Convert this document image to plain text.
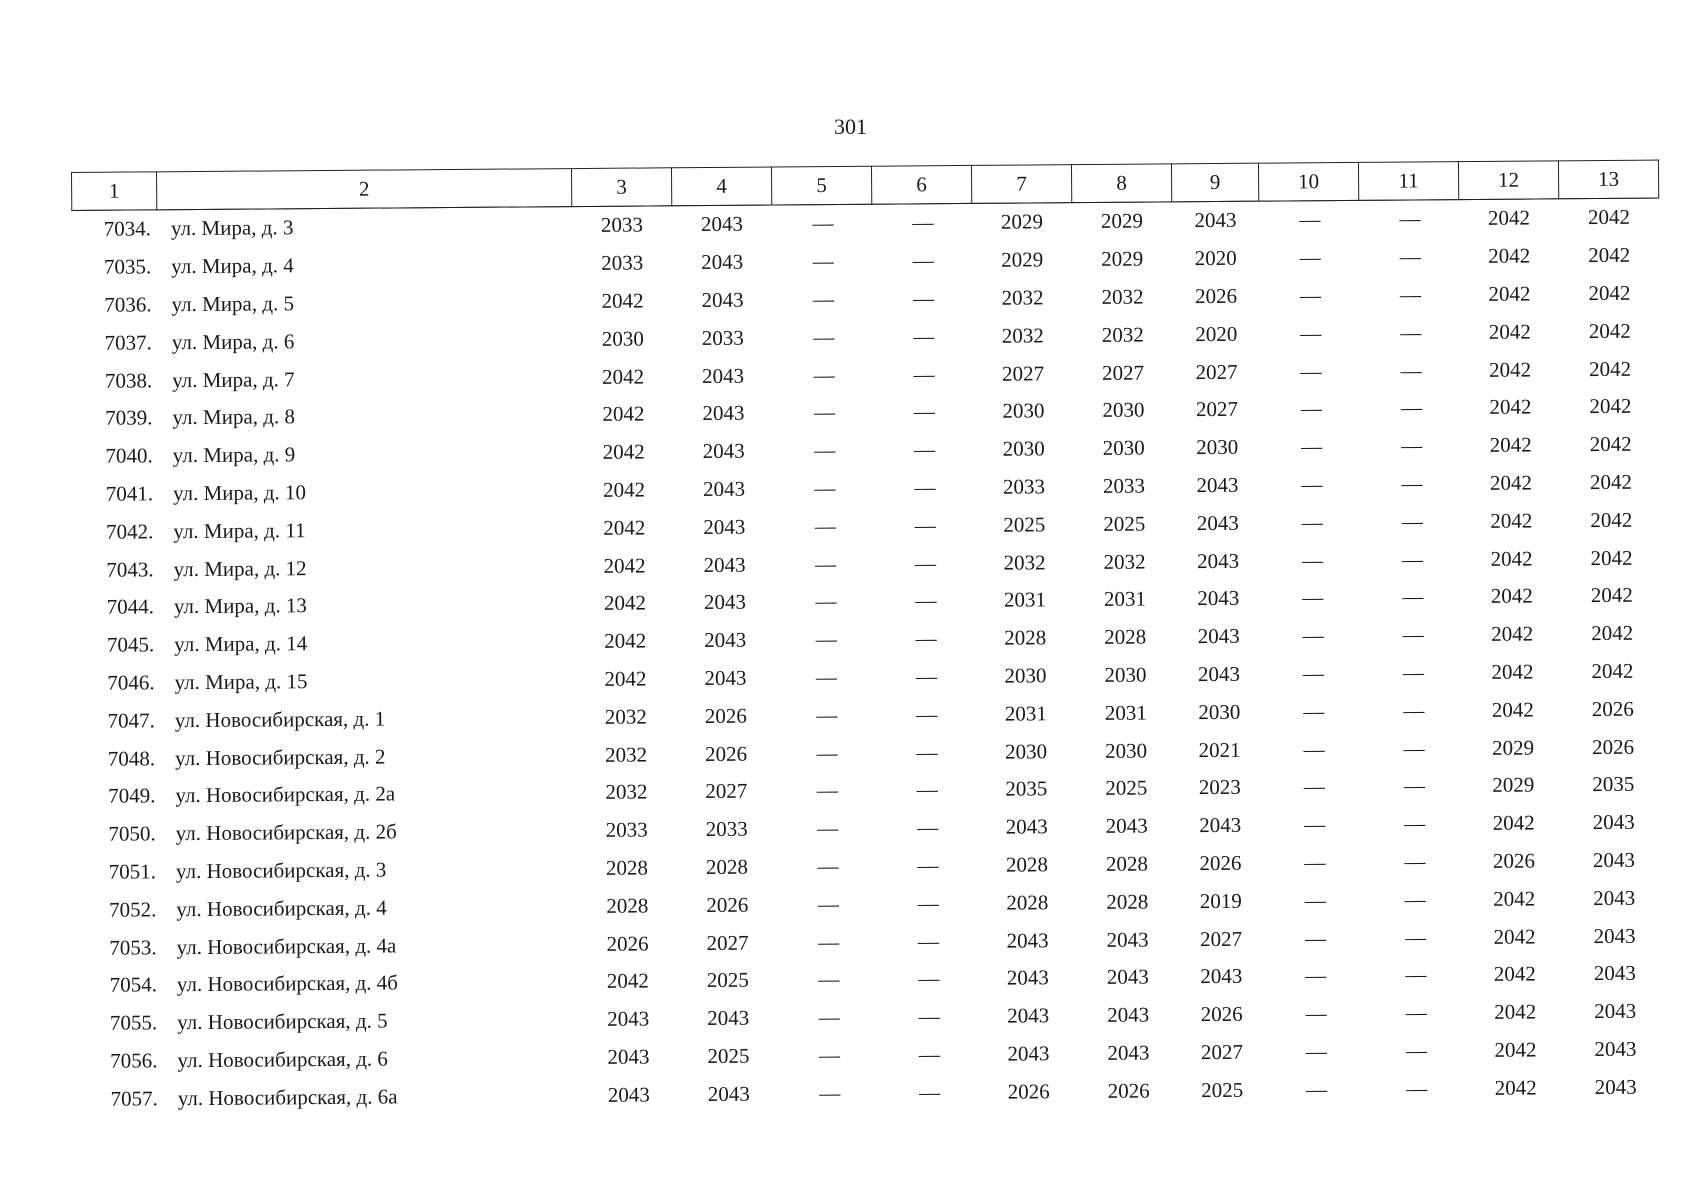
301
1	2	3	4	5	6	7	8	9	10	11	12	13
7034.	ул. Мира, д. 3	2033	2043	—	—	2029	2029	2043	—	—	2042	2042
7035.	ул. Мира, д. 4	2033	2043	—	—	2029	2029	2020	—	—	2042	2042
7036.	ул. Мира, д. 5	2042	2043	—	—	2032	2032	2026	—	—	2042	2042
7037.	ул. Мира, д. 6	2030	2033	—	—	2032	2032	2020	—	—	2042	2042
7038.	ул. Мира, д. 7	2042	2043	—	—	2027	2027	2027	—	—	2042	2042
7039.	ул. Мира, д. 8	2042	2043	—	—	2030	2030	2027	—	—	2042	2042
7040.	ул. Мира, д. 9	2042	2043	—	—	2030	2030	2030	—	—	2042	2042
7041.	ул. Мира, д. 10	2042	2043	—	—	2033	2033	2043	—	—	2042	2042
7042.	ул. Мира, д. 11	2042	2043	—	—	2025	2025	2043	—	—	2042	2042
7043.	ул. Мира, д. 12	2042	2043	—	—	2032	2032	2043	—	—	2042	2042
7044.	ул. Мира, д. 13	2042	2043	—	—	2031	2031	2043	—	—	2042	2042
7045.	ул. Мира, д. 14	2042	2043	—	—	2028	2028	2043	—	—	2042	2042
7046.	ул. Мира, д. 15	2042	2043	—	—	2030	2030	2043	—	—	2042	2042
7047.	ул. Новосибирская, д. 1	2032	2026	—	—	2031	2031	2030	—	—	2042	2026
7048.	ул. Новосибирская, д. 2	2032	2026	—	—	2030	2030	2021	—	—	2029	2026
7049.	ул. Новосибирская, д. 2а	2032	2027	—	—	2035	2025	2023	—	—	2029	2035
7050.	ул. Новосибирская, д. 2б	2033	2033	—	—	2043	2043	2043	—	—	2042	2043
7051.	ул. Новосибирская, д. 3	2028	2028	—	—	2028	2028	2026	—	—	2026	2043
7052.	ул. Новосибирская, д. 4	2028	2026	—	—	2028	2028	2019	—	—	2042	2043
7053.	ул. Новосибирская, д. 4а	2026	2027	—	—	2043	2043	2027	—	—	2042	2043
7054.	ул. Новосибирская, д. 4б	2042	2025	—	—	2043	2043	2043	—	—	2042	2043
7055.	ул. Новосибирская, д. 5	2043	2043	—	—	2043	2043	2026	—	—	2042	2043
7056.	ул. Новосибирская, д. 6	2043	2025	—	—	2043	2043	2027	—	—	2042	2043
7057.	ул. Новосибирская, д. 6а	2043	2043	—	—	2026	2026	2025	—	—	2042	2043
